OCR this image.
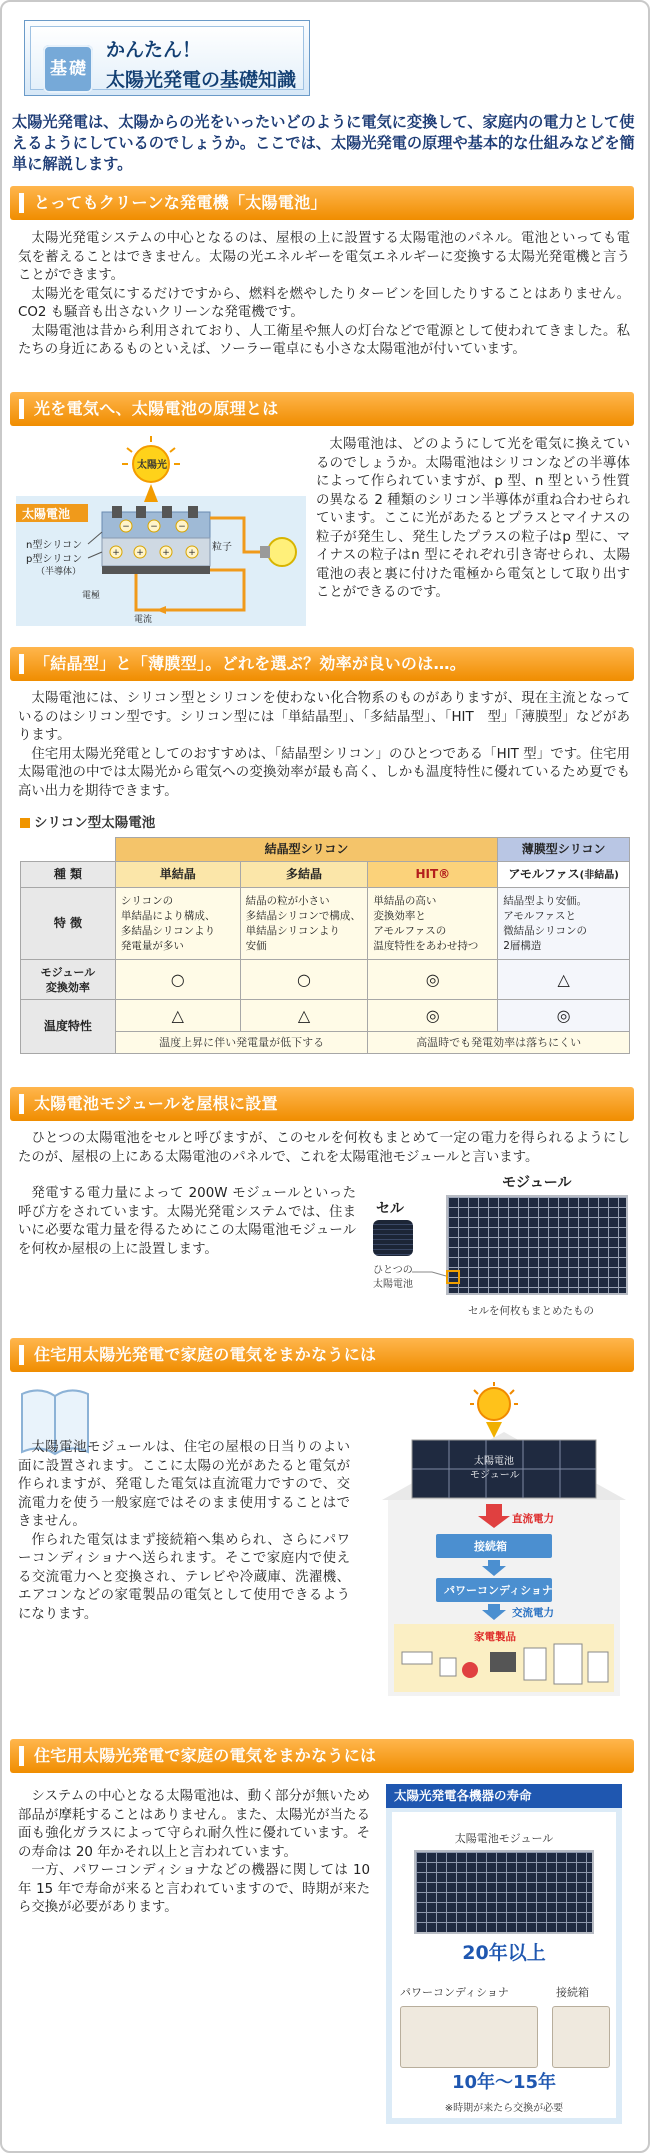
基 礎
かんたん！
太陽光発電の基礎知識
太陽光発電は、太陽からの光をいったいどのように電気に変換して、家庭内の電力として使えるようにしているのでしょうか。ここでは、太陽光発電の原理や基本的な仕組みなどを簡単に解説します。
とってもクリーンな発電機「太陽電池」

太陽光発電システムの中心となるのは、屋根の上に設置する太陽電池のパネル。電池といっても電気を蓄えることはできません。太陽の光エネルギーを電気エネルギーに変換する太陽光発電機と言うことができます。

太陽光を電気にするだけですから、燃料を燃やしたりタービンを回したりすることはありません。CO2 も騒音も出さないクリーンな発電機です。

太陽電池は昔から利用されており、人工衛星や無人の灯台などで電源として使われてきました。私たちの身近にあるものといえば、ソーラー電卓にも小さな太陽電池が付いています。

光を電気へ、太陽電池の原理とは
太陽電池
太陽光
− − −
+ + + +
n型シリコン
p型シリコン
（半導体）
電極
粒子
電流

太陽電池は、どのようにして光を電気に換えているのでしょうか。太陽電池はシリコンなどの半導体によって作られていますが、p 型、n 型という性質の異なる 2 種類のシリコン半導体が重ね合わせられています。ここに光があたるとプラスとマイナスの粒子が発生し、発生したプラスの粒子はp 型に、マイナスの粒子はn 型にそれぞれ引き寄せられ、太陽電池の表と裏に付けた電極から電気として取り出すことができるのです。

「結晶型」と「薄膜型」。どれを選ぶ？効率が良いのは…。

太陽電池には、シリコン型とシリコンを使わない化合物系のものがありますが、現在主流となっているのはシリコン型です。シリコン型には「単結晶型」、「多結晶型」、「HIT　型」「薄膜型」などがあります。

住宅用太陽光発電としてのおすすめは、「結晶型シリコン」のひとつである「HIT 型」です。住宅用太陽電池の中では太陽光から電気への変換効率が最も高く、しかも温度特性に優れているため夏でも高い出力を期待できます。

シリコン型太陽電池
	結晶型シリコン			薄膜型シリコン
種 類	単結晶	多結晶	HIT®	アモルファス(非結晶)
特 徴	シリコンの
単結晶により構成、
多結晶シリコンより
発電量が多い	結晶の粒が小さい
多結晶シリコンで構成、
単結晶シリコンより
安価	単結晶の高い
変換効率と
アモルファスの
温度特性をあわせ持つ	結晶型より安価。
アモルファスと
微結晶シリコンの
2層構造
モジュール
変換効率	○	○	◎	△
温度特性	△	△	◎	◎
	温度上昇に伴い発電量が低下する		高温時でも発電効率は落ちにくい	
太陽電池モジュールを屋根に設置

ひとつの太陽電池をセルと呼びますが、このセルを何枚もまとめて一定の電力を得られるようにしたのが、屋根の上にある太陽電池のパネルで、これを太陽電池モジュールと言います。

発電する電力量によって 200W モジュールといった呼び方をされています。太陽光発電システムでは、住まいに必要な電力量を得るためにこの太陽電池モジュールを何枚か屋根の上に設置します。

セル
モジュール
ひとつの
太陽電池
セルを何枚もまとめたもの
住宅用太陽光発電で家庭の電気をまかなうには

太陽電池モジュールは、住宅の屋根の日当りのよい面に設置されます。ここに太陽の光があたると電気が作られますが、発電した電気は直流電力ですので、交流電力を使う一般家庭ではそのまま使用することはできません。

作られた電気はまず接続箱へ集められ、さらにパワーコンディショナへ送られます。そこで家庭内で使える交流電力へと変換され、テレビや冷蔵庫、洗濯機、エアコンなどの家電製品の電気として使用できるようになります。

太陽電池
モジュール
直流電力
接続箱
パワーコンディショナ
交流電力
家電製品
住宅用太陽光発電で家庭の電気をまかなうには

システムの中心となる太陽電池は、動く部分が無いため部品が摩耗することはありません。また、太陽光が当たる面も強化ガラスによって守られ耐久性に優れています。その寿命は 20 年かそれ以上と言われています。

一方、パワーコンディショナなどの機器に関しては 10 年 15 年で寿命が来ると言われていますので、時期が来たら交換が必要があります。

太陽光発電各機器の寿命
太陽電池モジュール
20年以上
パワーコンディショナ	接続箱
10年〜15年
※時期が来たら交換が必要
